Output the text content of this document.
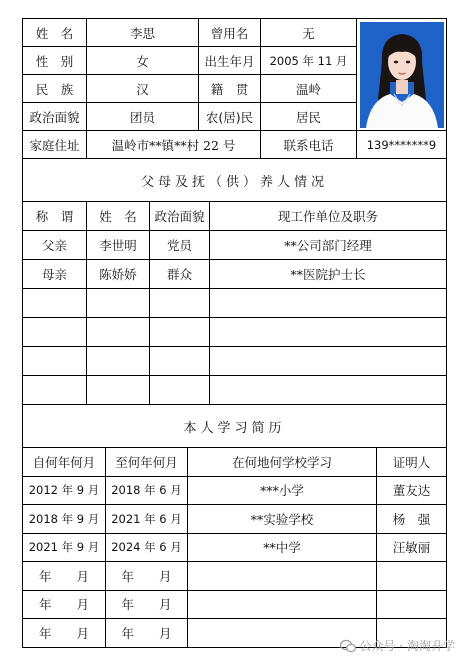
姓　名	李思	曾用名	无	

性　别	女	出生年月	2005 年 11 月	
民　族	汉	籍　贯	温岭	
政治面貌	团员	农(居)民	居民	
家庭住址	温岭市**镇**村 22 号		联系电话	139*******9
父母及抚（供）养人情况			
称　谓	姓　名	政治面貌	现工作单位及职务
父亲	李世明	党员	**公司部门经理
母亲	陈娇娇	群众	**医院护士长

本人学习简历			
自何年何月	至何年何月	在何地何学校学习	证明人
2012 年 9 月	2018 年 6 月	***小学	董友达
2018 年 9 月	2021 年 6 月	**实验学校	杨　强
2021 年 9 月	2024 年 6 月	**中学	汪敏丽
年　　月	年　　月		
年　　月	年　　月		
年　　月	年　　月		
公众号 · 淘淘升学
